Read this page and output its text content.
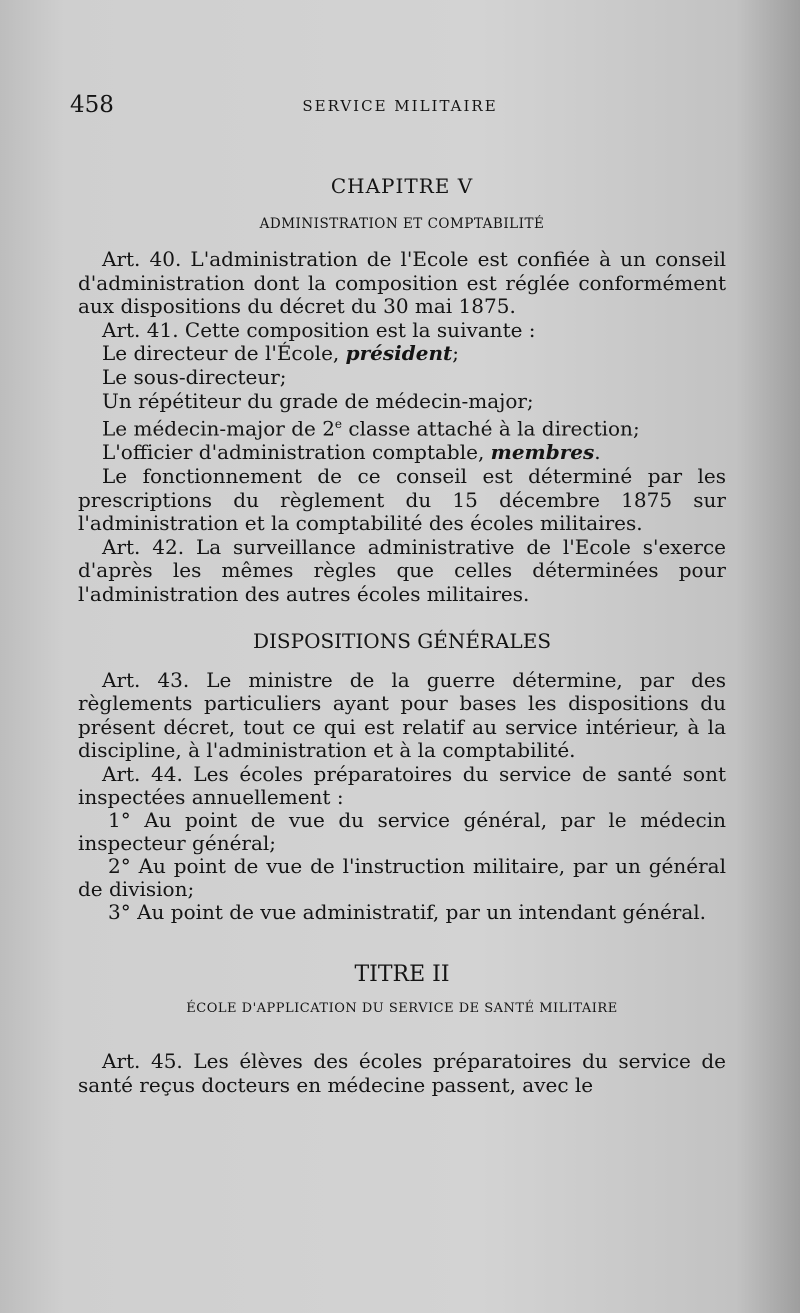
458	SERVICE MILITAIRE
CHAPITRE V
ADMINISTRATION ET COMPTABILITÉ

Art. 40. L'administration de l'Ecole est confiée à un conseil d'administration dont la composition est réglée conformément aux dispositions du décret du 30 mai 1875.

Art. 41. Cette composition est la suivante :

Le directeur de l'École, président;

Le sous-directeur;

Un répétiteur du grade de médecin-major;

Le médecin-major de 2e classe attaché à la direction;

L'officier d'administration comptable, membres.

Le fonctionnement de ce conseil est déterminé par les prescriptions du règlement du 15 décembre 1875 sur l'administration et la comptabilité des écoles militaires.

Art. 42. La surveillance administrative de l'Ecole s'exerce d'après les mêmes règles que celles déterminées pour l'administration des autres écoles militaires.

DISPOSITIONS GÉNÉRALES

Art. 43. Le ministre de la guerre détermine, par des règlements particuliers ayant pour bases les dispositions du présent décret, tout ce qui est relatif au service intérieur, à la discipline, à l'administration et à la comptabilité.

Art. 44. Les écoles préparatoires du service de santé sont inspectées annuellement :

1° Au point de vue du service général, par le médecin inspecteur général;

2° Au point de vue de l'instruction militaire, par un général de division;

3° Au point de vue administratif, par un intendant général.

TITRE II
ÉCOLE D'APPLICATION DU SERVICE DE SANTÉ MILITAIRE

Art. 45. Les élèves des écoles préparatoires du service de santé reçus docteurs en médecine passent, avec le
